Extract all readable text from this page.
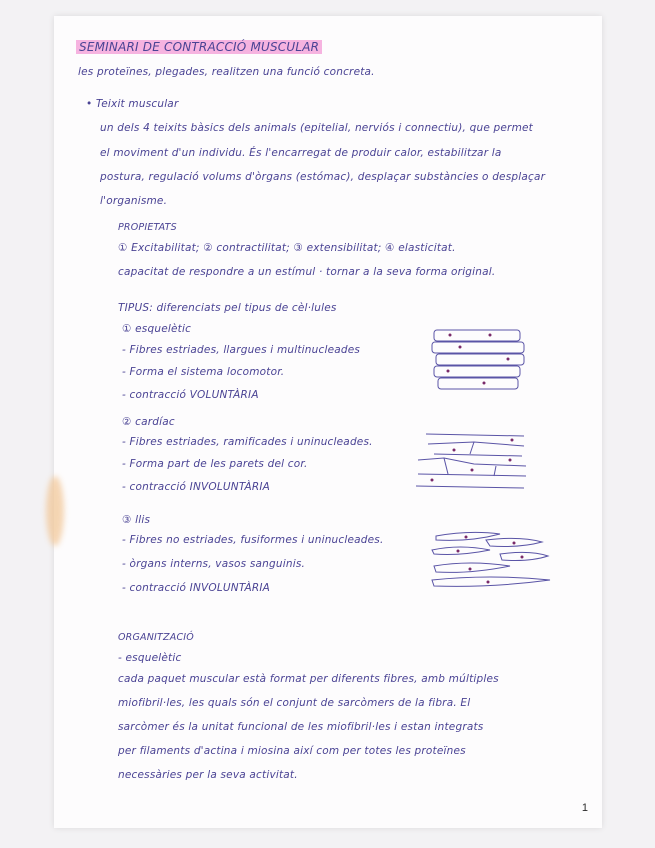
SEMINARI DE CONTRACCIÓ MUSCULAR
les proteïnes, plegades, realitzen una funció concreta.
• Teixit muscular
un dels 4 teixits bàsics dels animals (epitelial, nerviós i connectiu), que permet
el moviment d'un individu. És l'encarregat de produir calor, estabilitzar la
postura, regulació volums d'òrgans (estómac), desplaçar substàncies o desplaçar
l'organisme.
PROPIETATS
① Excitabilitat; ② contractilitat; ③ extensibilitat; ④ elasticitat.
capacitat de respondre a un estímul · tornar a la seva forma original.
TIPUS: diferenciats pel tipus de cèl·lules
① esquelètic
- Fibres estriades, llargues i multinucleades
- Forma el sistema locomotor.
- contracció VOLUNTÀRIA
② cardíac
- Fibres estriades, ramificades i uninucleades.
- Forma part de les parets del cor.
- contracció INVOLUNTÀRIA
③ llis
- Fibres no estriades, fusiformes i uninucleades.
- òrgans interns, vasos sanguinis.
- contracció INVOLUNTÀRIA
ORGANITZACIÓ
- esquelètic
cada paquet muscular està format per diferents fibres, amb múltiples
miofibril·les, les quals són el conjunt de sarcòmers de la fibra. El
sarcòmer és la unitat funcional de les miofibril·les i estan integrats
per filaments d'actina i miosina així com per totes les proteïnes
necessàries per la seva activitat.
1
